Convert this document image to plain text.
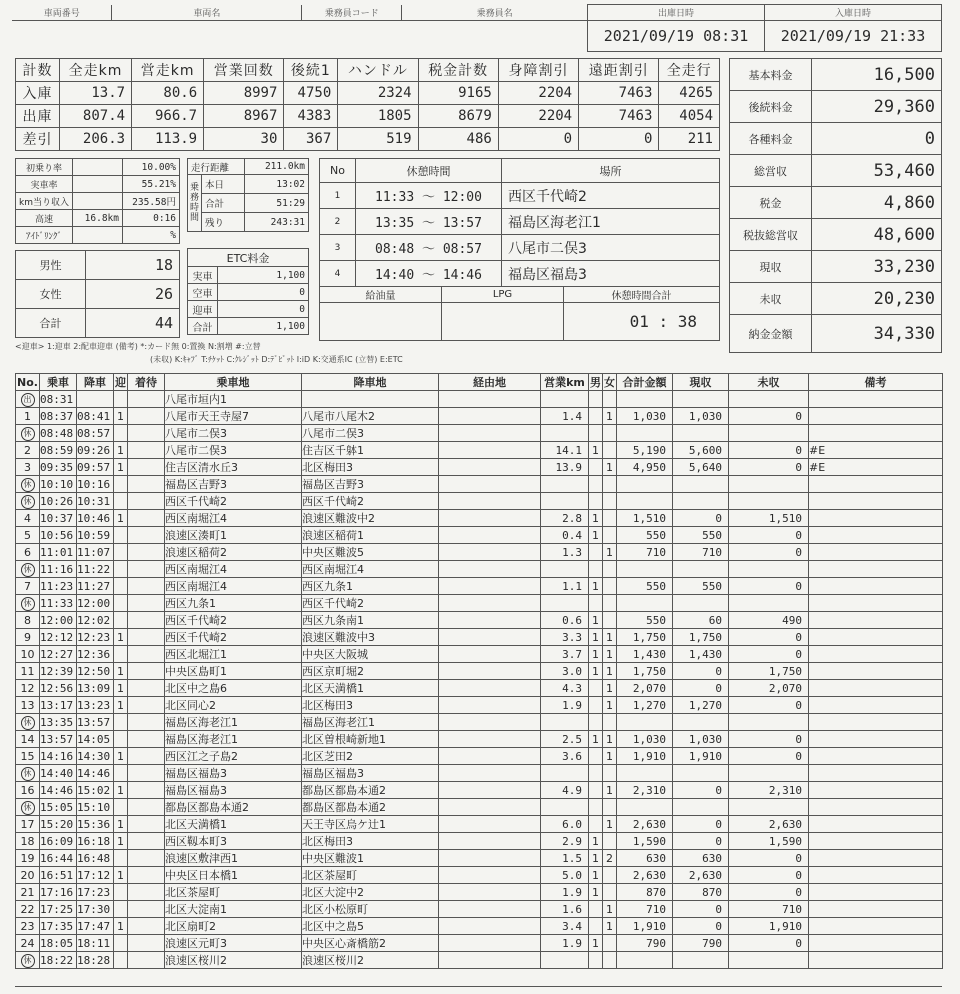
車両番号	車両名	乗務員コード	乗務員名	出庫日時	入庫日時
				2021/09/19 08:31	2021/09/19 21:33
計数	全走km	営走km	営業回数	後続1	ハンドル	税金計数	身障割引	遠距割引	全走行
入庫	13.7	80.6	8997	4750	2324	9165	2204	7463	4265
出庫	807.4	966.7	8967	4383	1805	8679	2204	7463	4054
差引	206.3	113.9	30	367	519	486	0	0	211
基本料金	16,500
後続料金	29,360
各種料金	0
総営収	53,460
税金	4,860
税抜総営収	48,600
現収	33,230
未収	20,230
納金金額	34,330
初乗り率		10.00%
実車率		55.21%
km当り収入		235.58円
高速	16.8km	0:16
ｱｲﾄﾞﾘﾝｸﾞ		%
走行距離		211.0km
乗務時間	本日	13:02
	合計	51:29
	残り	243:31
男性	18
女性	26
合計	44
ETC料金	
実車	1,100
空車	0
迎車	0
合計	1,100
No	休憩時間	場所
1	11:33 ～ 12:00	西区千代崎2
2	13:35 ～ 13:57	福島区海老江1
3	08:48 ～ 08:57	八尾市二俣3
4	14:40 ～ 14:46	福島区福島3
給油量	LPG	休憩時間合計
		01 : 38
<迎車> 1:迎車 2:配車迎車 (備考) *:カード無 0:置換 N:割増 #:立替
(未収) K:ｷｬﾌﾞ T:ﾁｹｯﾄ C:ｸﾚｼﾞｯﾄ D:ﾃﾞﾋﾞｯﾄ I:iD K:交通系IC (立替) E:ETC
No.	乗車	降車	迎	着待	乗車地	降車地	経由地	営業km	男	女	合計金額	現収	未収	備考
出	08:31				八尾市垣内1									
1	08:37	08:41	1		八尾市天王寺屋7	八尾市八尾木2		1.4		1	1,030	1,030	0	
休	08:48	08:57			八尾市二俣3	八尾市二俣3								
2	08:59	09:26	1		八尾市二俣3	住吉区千躰1		14.1	1		5,190	5,600	0	#E
3	09:35	09:57	1		住吉区清水丘3	北区梅田3		13.9		1	4,950	5,640	0	#E
休	10:10	10:16			福島区吉野3	福島区吉野3								
休	10:26	10:31			西区千代崎2	西区千代崎2								
4	10:37	10:46	1		西区南堀江4	浪速区難波中2		2.8	1		1,510	0	1,510	
5	10:56	10:59			浪速区湊町1	浪速区稲荷1		0.4	1		550	550	0	
6	11:01	11:07			浪速区稲荷2	中央区難波5		1.3		1	710	710	0	
休	11:16	11:22			西区南堀江4	西区南堀江4								
7	11:23	11:27			西区南堀江4	西区九条1		1.1	1		550	550	0	
休	11:33	12:00			西区九条1	西区千代崎2								
8	12:00	12:02			西区千代崎2	西区九条南1		0.6	1		550	60	490	
9	12:12	12:23	1		西区千代崎2	浪速区難波中3		3.3	1	1	1,750	1,750	0	
10	12:27	12:36			西区北堀江1	中央区大阪城		3.7	1	1	1,430	1,430	0	
11	12:39	12:50	1		中央区島町1	西区京町堀2		3.0	1	1	1,750	0	1,750	
12	12:56	13:09	1		北区中之島6	北区天満橋1		4.3		1	2,070	0	2,070	
13	13:17	13:23	1		北区同心2	北区梅田3		1.9		1	1,270	1,270	0	
休	13:35	13:57			福島区海老江1	福島区海老江1								
14	13:57	14:05			福島区海老江1	北区曽根崎新地1		2.5	1	1	1,030	1,030	0	
15	14:16	14:30	1		西区江之子島2	北区芝田2		3.6		1	1,910	1,910	0	
休	14:40	14:46			福島区福島3	福島区福島3								
16	14:46	15:02	1		福島区福島3	都島区都島本通2		4.9		1	2,310	0	2,310	
休	15:05	15:10			都島区都島本通2	都島区都島本通2								
17	15:20	15:36	1		北区天満橋1	天王寺区烏ケ辻1		6.0		1	2,630	0	2,630	
18	16:09	16:18	1		西区靱本町3	北区梅田3		2.9	1		1,590	0	1,590	
19	16:44	16:48			浪速区敷津西1	中央区難波1		1.5	1	2	630	630	0	
20	16:51	17:12	1		中央区日本橋1	北区茶屋町		5.0	1		2,630	2,630	0	
21	17:16	17:23			北区茶屋町	北区大淀中2		1.9	1		870	870	0	
22	17:25	17:30			北区大淀南1	北区小松原町		1.6		1	710	0	710	
23	17:35	17:47	1		北区扇町2	北区中之島5		3.4		1	1,910	0	1,910	
24	18:05	18:11			浪速区元町3	中央区心斎橋筋2		1.9	1		790	790	0	
休	18:22	18:28			浪速区桜川2	浪速区桜川2								
